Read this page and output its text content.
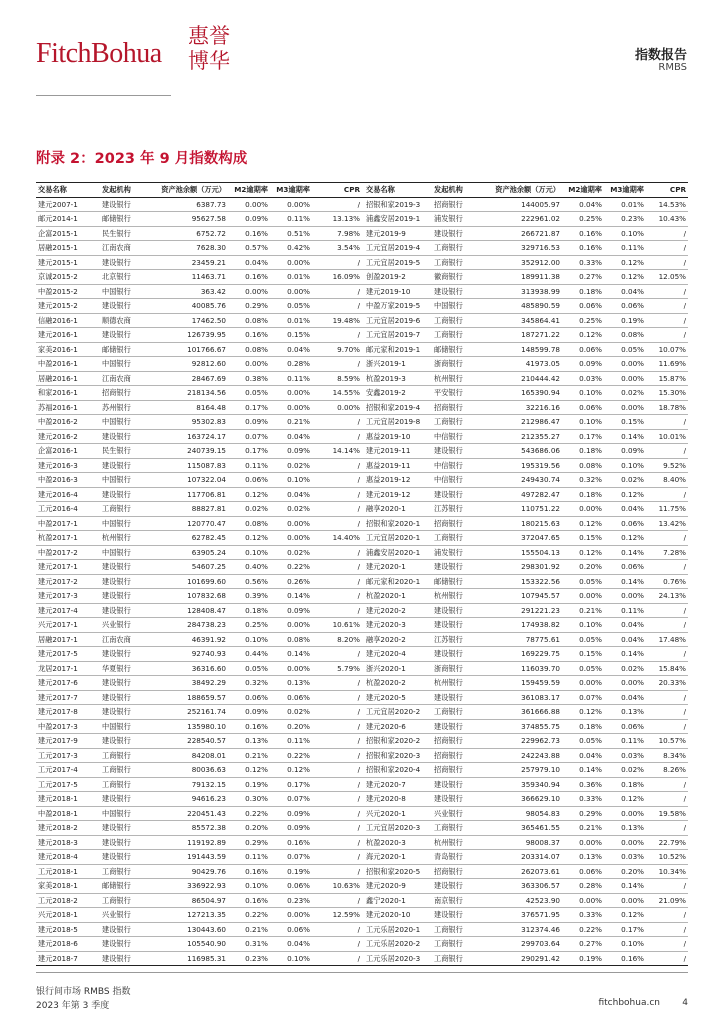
FitchBohua
惠誉
博华	指数报告
RMBS
附录 2：2023 年 9 月指数构成
交易名称	发起机构	资产池余额（万元）	M2逾期率	M3逾期率	CPR	交易名称	发起机构	资产池余额（万元）	M2逾期率	M3逾期率	CPR
建元2007-1	建设银行	6387.73	0.00%	0.00%	/	招银和家2019-3	招商银行	144005.97	0.04%	0.01%	14.53%
邮元2014-1	邮储银行	95627.58	0.09%	0.11%	13.13%	浦鑫安居2019-1	浦发银行	222961.02	0.25%	0.23%	10.43%
企富2015-1	民生银行	6752.72	0.16%	0.51%	7.98%	建元2019-9	建设银行	266721.87	0.16%	0.10%	/
居融2015-1	江南农商	7628.30	0.57%	0.42%	3.54%	工元宜居2019-4	工商银行	329716.53	0.16%	0.11%	/
建元2015-1	建设银行	23459.21	0.04%	0.00%	/	工元宜居2019-5	工商银行	352912.00	0.33%	0.12%	/
京诚2015-2	北京银行	11463.71	0.16%	0.01%	16.09%	创盈2019-2	徽商银行	189911.38	0.27%	0.12%	12.05%
中盈2015-2	中国银行	363.42	0.00%	0.00%	/	建元2019-10	建设银行	313938.99	0.18%	0.04%	/
建元2015-2	建设银行	40085.76	0.29%	0.05%	/	中盈万家2019-5	中国银行	485890.59	0.06%	0.06%	/
信融2016-1	顺德农商	17462.50	0.08%	0.01%	19.48%	工元宜居2019-6	工商银行	345864.41	0.25%	0.19%	/
建元2016-1	建设银行	126739.95	0.16%	0.15%	/	工元宜居2019-7	工商银行	187271.22	0.12%	0.08%	/
家美2016-1	邮储银行	101766.67	0.08%	0.04%	9.70%	邮元家和2019-1	邮储银行	148599.78	0.06%	0.05%	10.07%
中盈2016-1	中国银行	92812.60	0.00%	0.28%	/	浙兴2019-1	浙商银行	41973.05	0.09%	0.00%	11.69%
居融2016-1	江南农商	28467.69	0.38%	0.11%	8.59%	杭盈2019-3	杭州银行	210444.42	0.03%	0.00%	15.87%
和家2016-1	招商银行	218134.56	0.05%	0.00%	14.55%	安鑫2019-2	平安银行	165390.94	0.10%	0.02%	15.30%
苏福2016-1	苏州银行	8164.48	0.17%	0.00%	0.00%	招银和家2019-4	招商银行	32216.16	0.06%	0.00%	18.78%
中盈2016-2	中国银行	95302.83	0.09%	0.21%	/	工元宜居2019-8	工商银行	212986.47	0.10%	0.15%	/
建元2016-2	建设银行	163724.17	0.07%	0.04%	/	惠益2019-10	中信银行	212355.27	0.17%	0.14%	10.01%
企富2016-1	民生银行	240739.15	0.17%	0.09%	14.14%	建元2019-11	建设银行	543686.06	0.18%	0.09%	/
建元2016-3	建设银行	115087.83	0.11%	0.02%	/	惠益2019-11	中信银行	195319.56	0.08%	0.10%	9.52%
中盈2016-3	中国银行	107322.04	0.06%	0.10%	/	惠益2019-12	中信银行	249430.74	0.32%	0.02%	8.40%
建元2016-4	建设银行	117706.81	0.12%	0.04%	/	建元2019-12	建设银行	497282.47	0.18%	0.12%	/
工元2016-4	工商银行	88827.81	0.02%	0.02%	/	融享2020-1	江苏银行	110751.22	0.00%	0.04%	11.75%
中盈2017-1	中国银行	120770.47	0.08%	0.00%	/	招银和家2020-1	招商银行	180215.63	0.12%	0.06%	13.42%
杭盈2017-1	杭州银行	62782.45	0.12%	0.00%	14.40%	工元宜居2020-1	工商银行	372047.65	0.15%	0.12%	/
中盈2017-2	中国银行	63905.24	0.10%	0.02%	/	浦鑫安居2020-1	浦发银行	155504.13	0.12%	0.14%	7.28%
建元2017-1	建设银行	54607.25	0.40%	0.22%	/	建元2020-1	建设银行	298301.92	0.20%	0.06%	/
建元2017-2	建设银行	101699.60	0.56%	0.26%	/	邮元家和2020-1	邮储银行	153322.56	0.05%	0.14%	0.76%
建元2017-3	建设银行	107832.68	0.39%	0.14%	/	杭盈2020-1	杭州银行	107945.57	0.00%	0.00%	24.13%
建元2017-4	建设银行	128408.47	0.18%	0.09%	/	建元2020-2	建设银行	291221.23	0.21%	0.11%	/
兴元2017-1	兴业银行	284738.23	0.25%	0.00%	10.61%	建元2020-3	建设银行	174938.82	0.10%	0.04%	/
居融2017-1	江南农商	46391.92	0.10%	0.08%	8.20%	融享2020-2	江苏银行	78775.61	0.05%	0.04%	17.48%
建元2017-5	建设银行	92740.93	0.44%	0.14%	/	建元2020-4	建设银行	169229.75	0.15%	0.14%	/
龙居2017-1	华夏银行	36316.60	0.05%	0.00%	5.79%	浙兴2020-1	浙商银行	116039.70	0.05%	0.02%	15.84%
建元2017-6	建设银行	38492.29	0.32%	0.13%	/	杭盈2020-2	杭州银行	159459.59	0.00%	0.00%	20.33%
建元2017-7	建设银行	188659.57	0.06%	0.06%	/	建元2020-5	建设银行	361083.17	0.07%	0.04%	/
建元2017-8	建设银行	252161.74	0.09%	0.02%	/	工元宜居2020-2	工商银行	361666.88	0.12%	0.13%	/
中盈2017-3	中国银行	135980.10	0.16%	0.20%	/	建元2020-6	建设银行	374855.75	0.18%	0.06%	/
建元2017-9	建设银行	228540.57	0.13%	0.11%	/	招银和家2020-2	招商银行	229962.73	0.05%	0.11%	10.57%
工元2017-3	工商银行	84208.01	0.21%	0.22%	/	招银和家2020-3	招商银行	242243.88	0.04%	0.03%	8.34%
工元2017-4	工商银行	80036.63	0.12%	0.12%	/	招银和家2020-4	招商银行	257979.10	0.14%	0.02%	8.26%
工元2017-5	工商银行	79132.15	0.19%	0.17%	/	建元2020-7	建设银行	359340.94	0.36%	0.18%	/
建元2018-1	建设银行	94616.23	0.30%	0.07%	/	建元2020-8	建设银行	366629.10	0.33%	0.12%	/
中盈2018-1	中国银行	220451.43	0.22%	0.09%	/	兴元2020-1	兴业银行	98054.83	0.29%	0.00%	19.58%
建元2018-2	建设银行	85572.38	0.20%	0.09%	/	工元宜居2020-3	工商银行	365461.55	0.21%	0.13%	/
建元2018-3	建设银行	119192.89	0.29%	0.16%	/	杭盈2020-3	杭州银行	98008.37	0.00%	0.00%	22.79%
建元2018-4	建设银行	191443.59	0.11%	0.07%	/	海元2020-1	青岛银行	203314.07	0.13%	0.03%	10.52%
工元2018-1	工商银行	90429.76	0.16%	0.19%	/	招银和家2020-5	招商银行	262073.61	0.06%	0.20%	10.34%
家美2018-1	邮储银行	336922.93	0.10%	0.06%	10.63%	建元2020-9	建设银行	363306.57	0.28%	0.14%	/
工元2018-2	工商银行	86504.97	0.16%	0.23%	/	鑫宁2020-1	南京银行	42523.90	0.00%	0.00%	21.09%
兴元2018-1	兴业银行	127213.35	0.22%	0.00%	12.59%	建元2020-10	建设银行	376571.95	0.33%	0.12%	/
建元2018-5	建设银行	130443.60	0.21%	0.06%	/	工元乐居2020-1	工商银行	312374.46	0.22%	0.17%	/
建元2018-6	建设银行	105540.90	0.31%	0.04%	/	工元乐居2020-2	工商银行	299703.64	0.27%	0.10%	/
建元2018-7	建设银行	116985.31	0.23%	0.10%	/	工元乐居2020-3	工商银行	290291.42	0.19%	0.16%	/
银行间市场 RMBS 指数
2023 年第 3 季度	fitchbohua.cn 4
